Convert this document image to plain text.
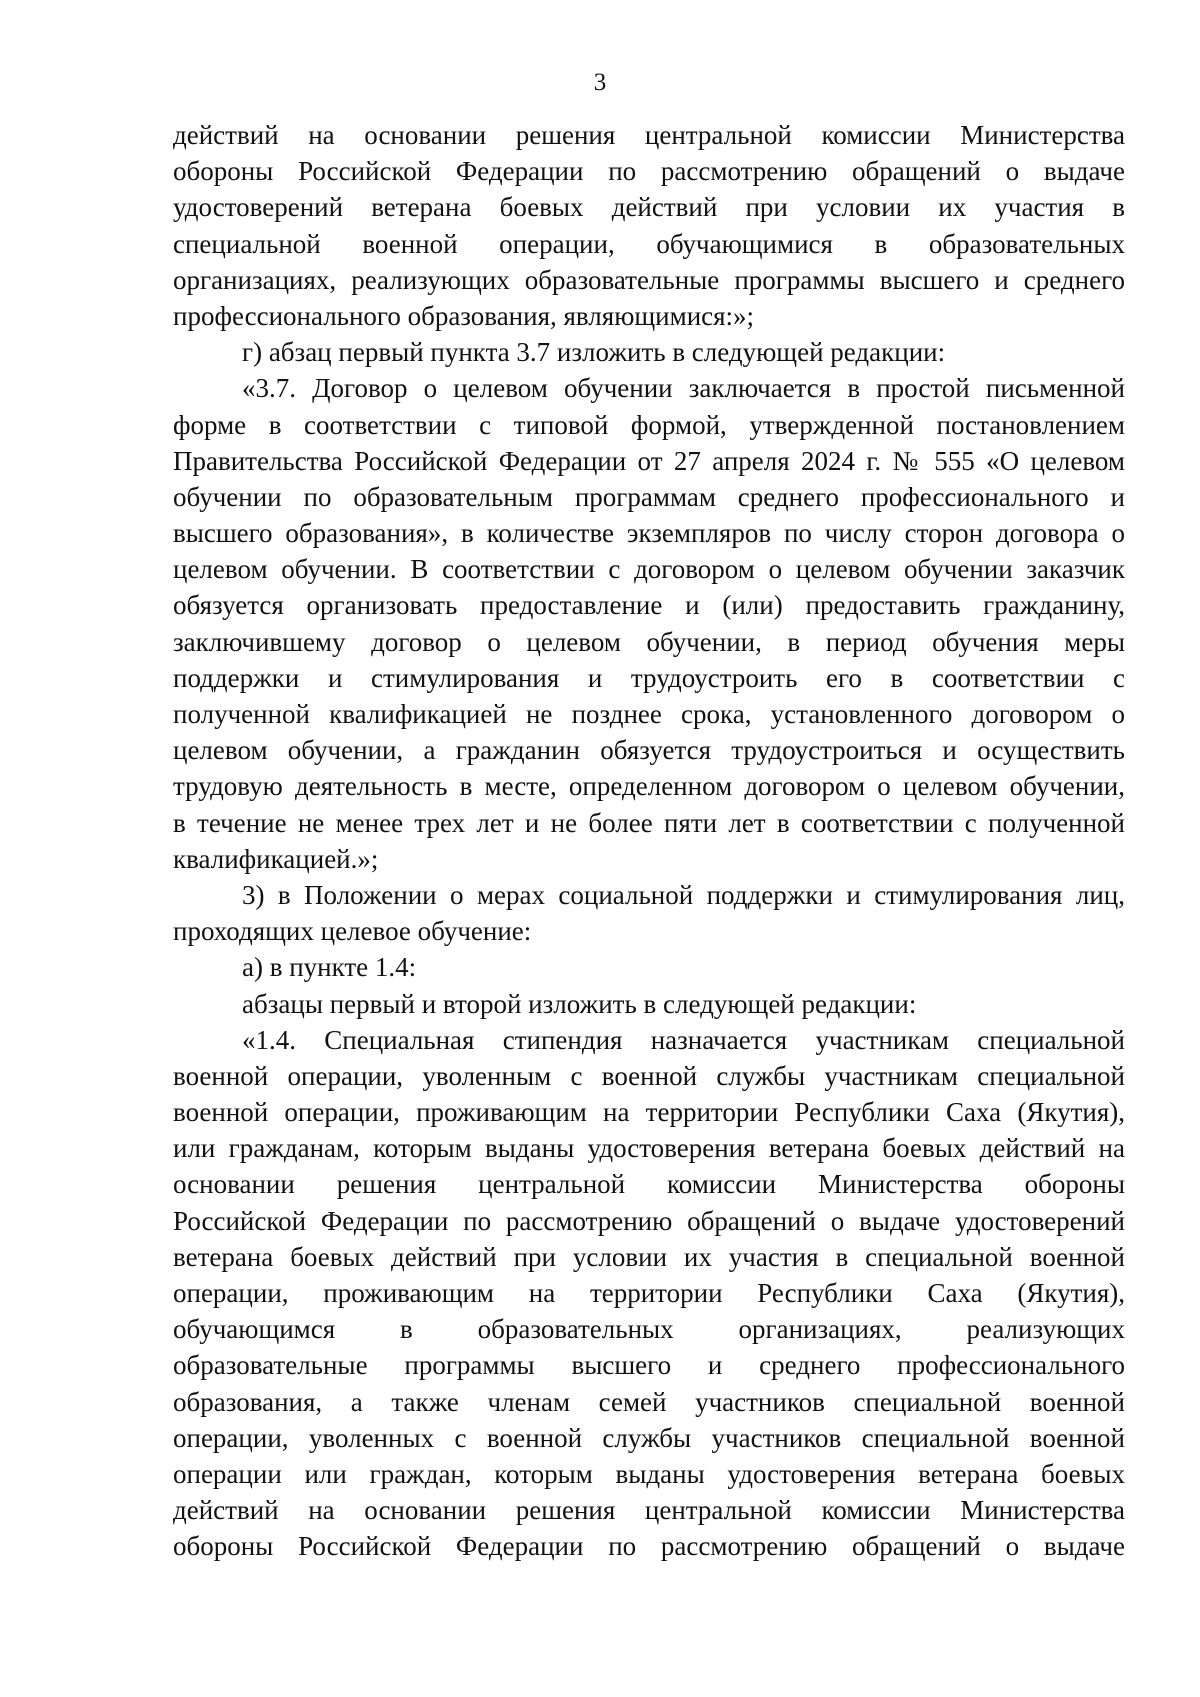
3
действий на основании решения центральной комиссии Министерства
обороны Российской Федерации по рассмотрению обращений о выдаче
удостоверений ветерана боевых действий при условии их участия в
специальной военной операции, обучающимися в образовательных
организациях, реализующих образовательные программы высшего и среднего
профессионального образования, являющимися:»;
г) абзац первый пункта 3.7 изложить в следующей редакции:
«3.7. Договор о целевом обучении заключается в простой письменной
форме в соответствии с типовой формой, утвержденной постановлением
Правительства Российской Федерации от 27 апреля 2024 г. № 555 «О целевом
обучении по образовательным программам среднего профессионального и
высшего образования», в количестве экземпляров по числу сторон договора о
целевом обучении. В соответствии с договором о целевом обучении заказчик
обязуется организовать предоставление и (или) предоставить гражданину,
заключившему договор о целевом обучении, в период обучения меры
поддержки и стимулирования и трудоустроить его в соответствии с
полученной квалификацией не позднее срока, установленного договором о
целевом обучении, а гражданин обязуется трудоустроиться и осуществить
трудовую деятельность в месте, определенном договором о целевом обучении,
в течение не менее трех лет и не более пяти лет в соответствии с полученной
квалификацией.»;
3) в Положении о мерах социальной поддержки и стимулирования лиц,
проходящих целевое обучение:
а) в пункте 1.4:
абзацы первый и второй изложить в следующей редакции:
«1.4. Специальная стипендия назначается участникам специальной
военной операции, уволенным с военной службы участникам специальной
военной операции, проживающим на территории Республики Саха (Якутия),
или гражданам, которым выданы удостоверения ветерана боевых действий на
основании решения центральной комиссии Министерства обороны
Российской Федерации по рассмотрению обращений о выдаче удостоверений
ветерана боевых действий при условии их участия в специальной военной
операции, проживающим на территории Республики Саха (Якутия),
обучающимся в образовательных организациях, реализующих
образовательные программы высшего и среднего профессионального
образования, а также членам семей участников специальной военной
операции, уволенных с военной службы участников специальной военной
операции или граждан, которым выданы удостоверения ветерана боевых
действий на основании решения центральной комиссии Министерства
обороны Российской Федерации по рассмотрению обращений о выдаче
